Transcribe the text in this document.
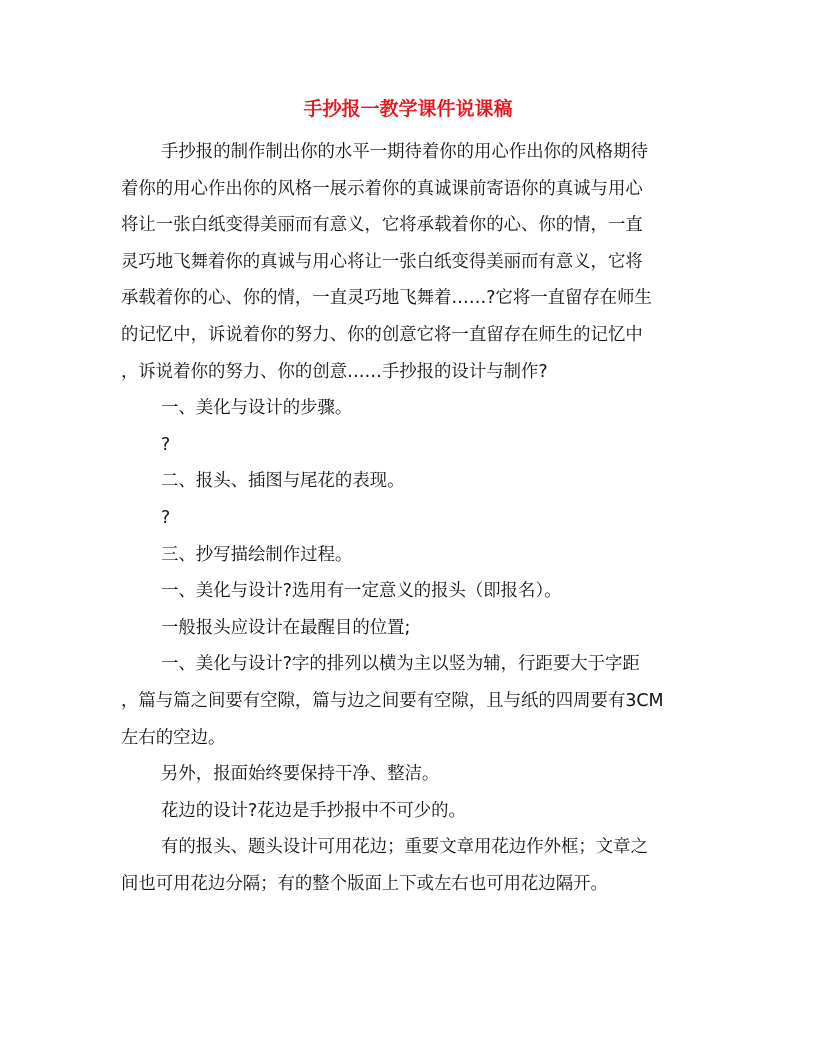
手抄报一教学课件说课稿
手抄报的制作制出你的水平一期待着你的用心作出你的风格期待
着你的用心作出你的风格一展示着你的真诚课前寄语你的真诚与用心
将让一张白纸变得美丽而有意义，它将承载着你的心、你的情，一直
灵巧地飞舞着你的真诚与用心将让一张白纸变得美丽而有意义，它将
承载着你的心、你的情，一直灵巧地飞舞着……?它将一直留存在师生
的记忆中，诉说着你的努力、你的创意它将一直留存在师生的记忆中
，诉说着你的努力、你的创意……手抄报的设计与制作?
一、美化与设计的步骤。
?
二、报头、插图与尾花的表现。
?
三、抄写描绘制作过程。
一、美化与设计?选用有一定意义的报头（即报名）。
一般报头应设计在最醒目的位置;
一、美化与设计?字的排列以横为主以竖为辅，行距要大于字距
，篇与篇之间要有空隙，篇与边之间要有空隙，且与纸的四周要有3CM
左右的空边。
另外，报面始终要保持干净、整洁。
花边的设计?花边是手抄报中不可少的。
有的报头、题头设计可用花边；重要文章用花边作外框；文章之
间也可用花边分隔；有的整个版面上下或左右也可用花边隔开。
